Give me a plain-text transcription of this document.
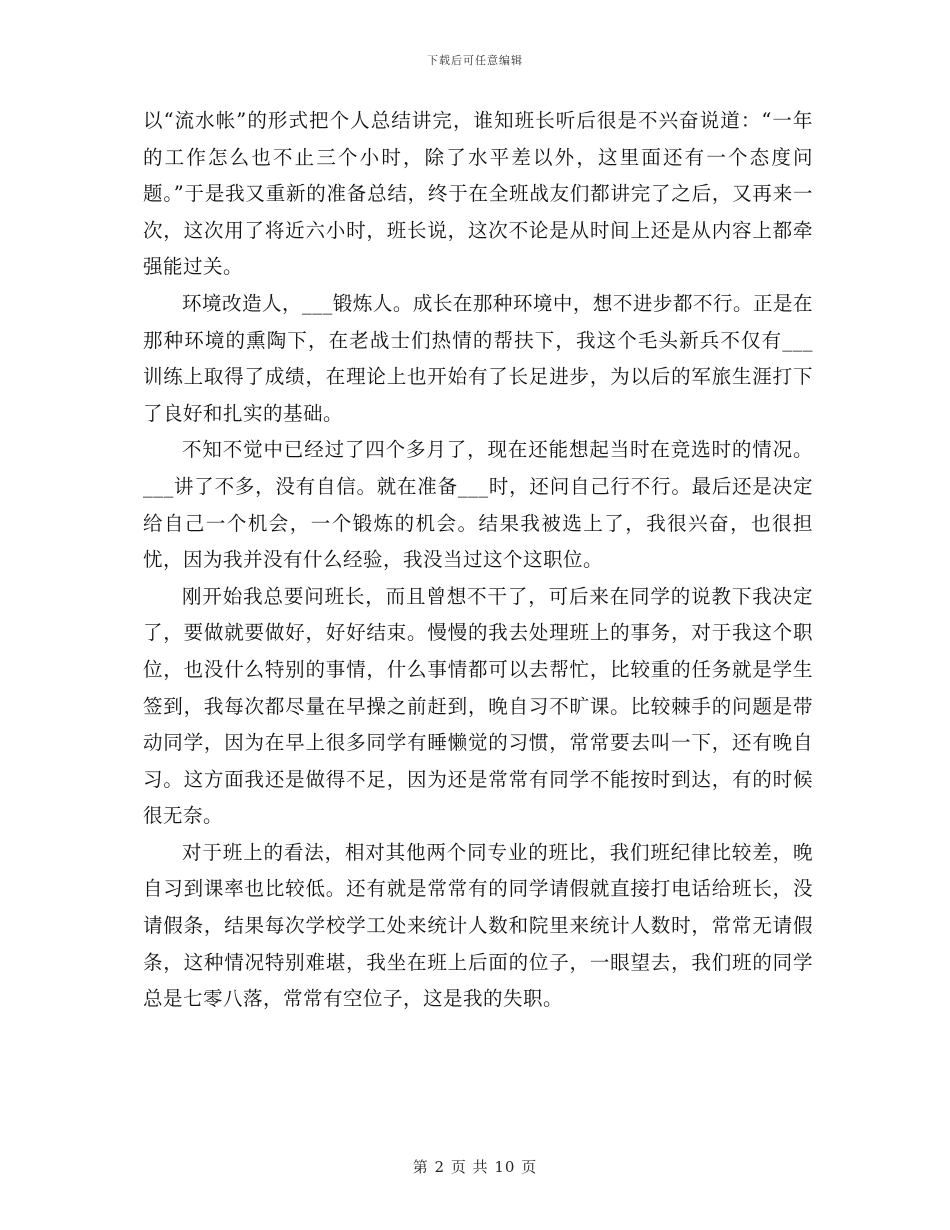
下载后可任意编辑

以“流水帐”的形式把个人总结讲完，谁知班长听后很是不兴奋说道：“一年的工作怎么也不止三个小时，除了水平差以外，这里面还有一个态度问题。”于是我又重新的准备总结，终于在全班战友们都讲完了之后，又再来一次，这次用了将近六小时，班长说，这次不论是从时间上还是从内容上都牵强能过关。

环境改造人，___锻炼人。成长在那种环境中，想不进步都不行。正是在那种环境的熏陶下，在老战士们热情的帮扶下，我这个毛头新兵不仅有___训练上取得了成绩，在理论上也开始有了长足进步，为以后的军旅生涯打下了良好和扎实的基础。

不知不觉中已经过了四个多月了，现在还能想起当时在竞选时的情况。___讲了不多，没有自信。就在准备___时，还问自己行不行。最后还是决定给自己一个机会，一个锻炼的机会。结果我被选上了，我很兴奋，也很担忧，因为我并没有什么经验，我没当过这个这职位。

刚开始我总要问班长，而且曾想不干了，可后来在同学的说教下我决定了，要做就要做好，好好结束。慢慢的我去处理班上的事务，对于我这个职位，也没什么特别的事情，什么事情都可以去帮忙，比较重的任务就是学生签到，我每次都尽量在早操之前赶到，晚自习不旷课。比较棘手的问题是带动同学，因为在早上很多同学有睡懒觉的习惯，常常要去叫一下，还有晚自习。这方面我还是做得不足，因为还是常常有同学不能按时到达，有的时候很无奈。

对于班上的看法，相对其他两个同专业的班比，我们班纪律比较差，晚自习到课率也比较低。还有就是常常有的同学请假就直接打电话给班长，没请假条，结果每次学校学工处来统计人数和院里来统计人数时，常常无请假条，这种情况特别难堪，我坐在班上后面的位子，一眼望去，我们班的同学总是七零八落，常常有空位子，这是我的失职。

第 2 页 共 10 页
